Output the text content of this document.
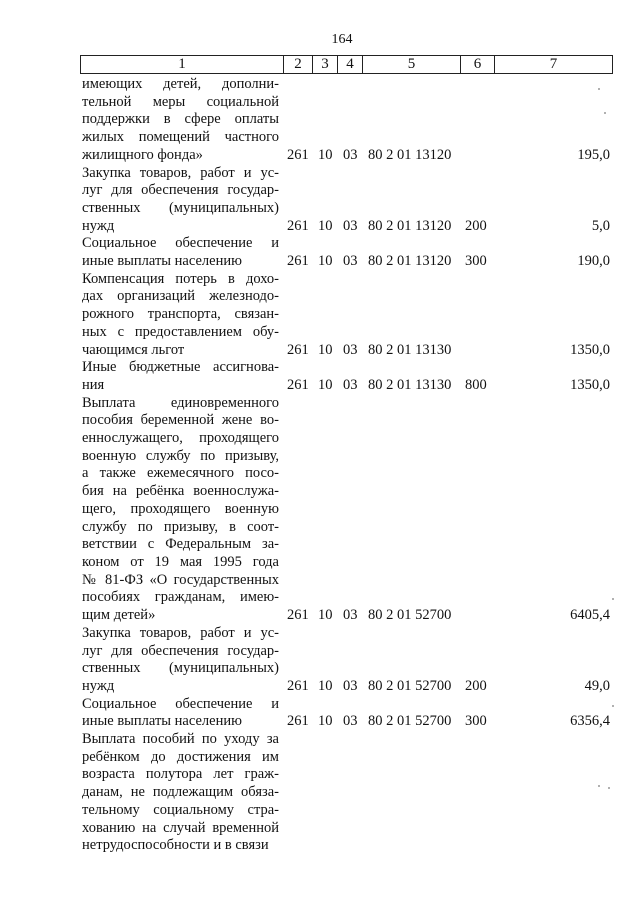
164
1	2	3	4	5	6	7
имеющих детей, дополни-
тельной меры социальной
поддержки в сфере оплаты
жилых помещений частного
жилищного фонда»	261 10 03 80 2 01 13120	195,0
Закупка товаров, работ и ус-
луг для обеспечения государ-
ственных (муниципальных)
нужд	261 10 03 80 2 01 13120 200	5,0
Социальное обеспечение и
иные выплаты населению	261 10 03 80 2 01 13120 300	190,0
Компенсация потерь в дохо-
дах организаций железнодо-
рожного транспорта, связан-
ных с предоставлением обу-
чающимся льгот	261 10 03 80 2 01 13130	1350,0
Иные бюджетные ассигнова-
ния	261 10 03 80 2 01 13130 800	1350,0
Выплата единовременного
пособия беременной жене во-
еннослужащего, проходящего
военную службу по призыву,
а также ежемесячного посо-
бия на ребёнка военнослужа-
щего, проходящего военную
службу по призыву, в соот-
ветствии с Федеральным за-
коном от 19 мая 1995 года
№ 81-ФЗ «О государственных
пособиях гражданам, имею-
щим детей»	261 10 03 80 2 01 52700	6405,4
Закупка товаров, работ и ус-
луг для обеспечения государ-
ственных (муниципальных)
нужд	261 10 03 80 2 01 52700 200	49,0
Социальное обеспечение и
иные выплаты населению	261 10 03 80 2 01 52700 300	6356,4
Выплата пособий по уходу за
ребёнком до достижения им
возраста полутора лет граж-
данам, не подлежащим обяза-
тельному социальному стра-
хованию на случай временной
нетрудоспособности и в связи
